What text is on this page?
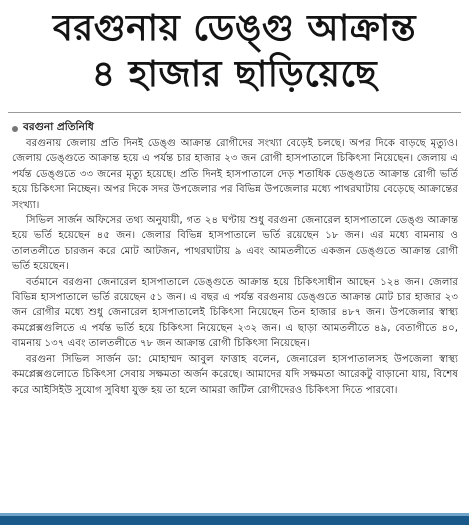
বরগুনায় ডেঙ্গু আক্রান্ত
৪ হাজার ছাড়িয়েছে
বরগুনা প্রতিনিধি

বরগুনায় জেলায় প্রতি দিনই ডেঙ্গু আক্রান্ত রোগীদের সংখ্যা বেড়েই চলছে। অপর দিকে বাড়ছে মৃত্যুও। জেলায় ডেঙ্গুতে আক্রান্ত হয়ে এ পর্যন্ত চার হাজার ২৩ জন রোগী হাসপাতালে চিকিৎসা নিয়েছেন। জেলায় এ পর্যন্ত ডেঙ্গুতে ৩৩ জনের মৃত্যু হয়েছে। প্রতি দিনই হাসপাতালে দেড় শতাধিক ডেঙ্গুতে আক্রান্ত রোগী ভর্তি হয়ে চিকিৎসা নিচ্ছেন। অপর দিকে সদর উপজেলার পর বিভিন্ন উপজেলার মধ্যে পাথরঘাটায় বেড়েছে আক্রান্তের সংখ্যা।

সিভিল সার্জন অফিসের তথ্য অনুযায়ী, গত ২৪ ঘণ্টায় শুধু বরগুনা জেনারেল হাসপাতালে ডেঙ্গু আক্রান্ত হয়ে ভর্তি হয়েছেন ৪৫ জন। জেলার বিভিন্ন হাসপাতালে ভর্তি রয়েছেন ১৮ জন। এর মধ্যে বামনায় ও তালতলীতে চারজন করে মোট আটজন, পাথরঘাটায় ৯ এবং আমতলীতে একজন ডেঙ্গুতে আক্রান্ত রোগী ভর্তি হয়েছেন।

বর্তমানে বরগুনা জেনারেল হাসপাতালে ডেঙ্গুতে আক্রান্ত হয়ে চিকিৎসাধীন আছেন ১২৪ জন। জেলার বিভিন্ন হাসপাতালে ভর্তি রয়েছেন ৫১ জন। এ বছর এ পর্যন্ত বরগুনায় ডেঙ্গুতে আক্রান্ত মোট চার হাজার ২৩ জন রোগীর মধ্যে শুধু জেনারেল হাসপাতালেই চিকিৎসা নিয়েছেন তিন হাজার ৪৮৭ জন। উপজেলার স্বাস্থ্য কমপ্লেক্সগুলিতে এ পর্যন্ত ভর্তি হয়ে চিকিৎসা নিয়েছেন ২৩২ জন। এ ছাড়া আমতলীতে ৪৯, বেতাগীতে ৪০, বামনায় ১৩৭ এবং তালতলীতে ৭৮ জন আক্রান্ত রোগী চিকিৎসা নিয়েছেন।

বরগুনা সিভিল সার্জন ডা: মোহাম্মদ আবুল ফাত্তাহ বলেন, জেনারেল হাসপাতালসহ উপজেলা স্বাস্থ্য কমপ্লেক্সগুলোতে চিকিৎসা সেবায় সক্ষমতা অর্জন করেছে। আমাদের যদি সক্ষমতা আরেকটু বাড়ানো যায়, বিশেষ করে আইসিইউ সুযোগ সুবিধা যুক্ত হয় তা হলে আমরা জটিল রোগীদেরও চিকিৎসা দিতে পারবো।
